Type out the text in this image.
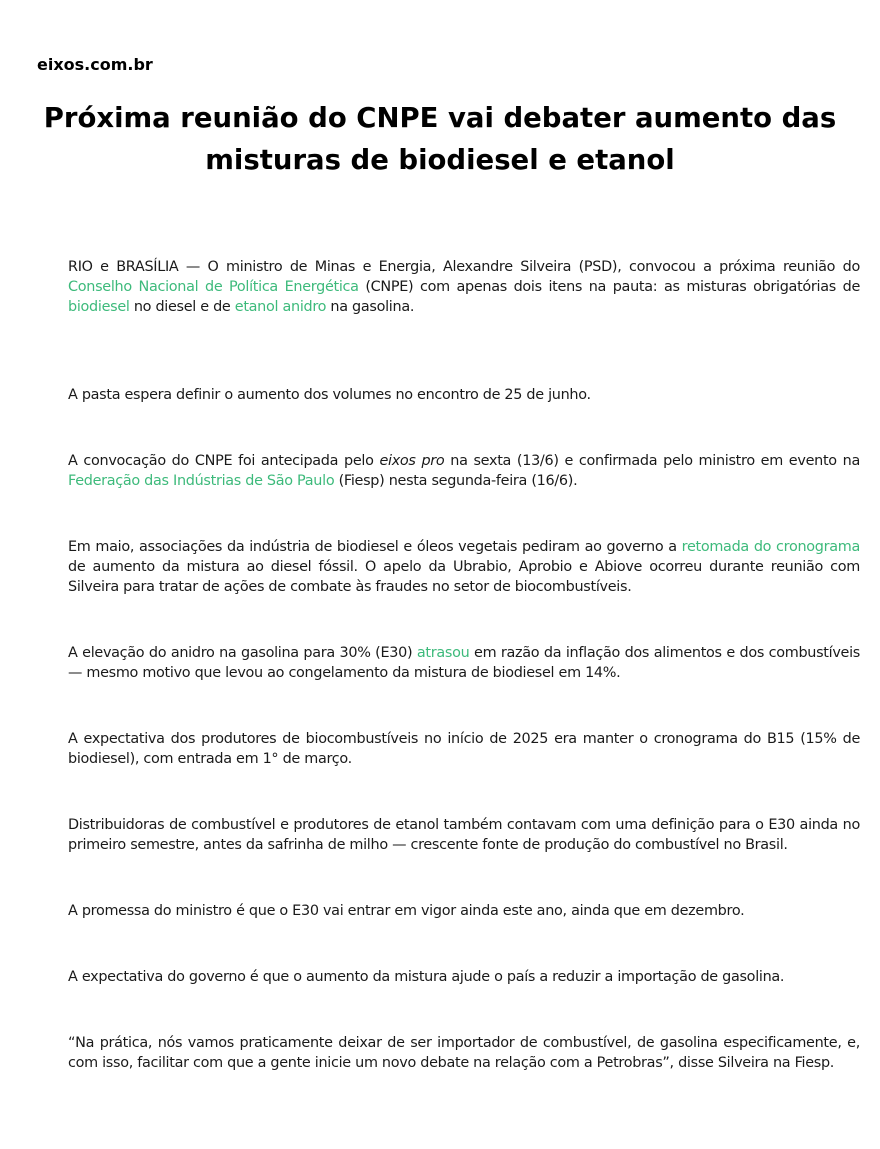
eixos.com.br
Próxima reunião do CNPE vai debater aumento das misturas de biodiesel e etanol

RIO e BRASÍLIA — O ministro de Minas e Energia, Alexandre Silveira (PSD), convocou a próxima reunião do Conselho Nacional de Política Energética (CNPE) com apenas dois itens na pauta: as misturas obrigatórias de biodiesel no diesel e de etanol anidro na gasolina.

A pasta espera definir o aumento dos volumes no encontro de 25 de junho.

A convocação do CNPE foi antecipada pelo eixos pro na sexta (13/6) e confirmada pelo ministro em evento na Federação das Indústrias de São Paulo (Fiesp) nesta segunda-feira (16/6).

Em maio, associações da indústria de biodiesel e óleos vegetais pediram ao governo a retomada do cronograma de aumento da mistura ao diesel fóssil. O apelo da Ubrabio, Aprobio e Abiove ocorreu durante reunião com Silveira para tratar de ações de combate às fraudes no setor de biocombustíveis.

A elevação do anidro na gasolina para 30% (E30) atrasou em razão da inflação dos alimentos e dos combustíveis — mesmo motivo que levou ao congelamento da mistura de biodiesel em 14%.

A expectativa dos produtores de biocombustíveis no início de 2025 era manter o cronograma do B15 (15% de biodiesel), com entrada em 1° de março.

Distribuidoras de combustível e produtores de etanol também contavam com uma definição para o E30 ainda no primeiro semestre, antes da safrinha de milho — crescente fonte de produção do combustível no Brasil.

A promessa do ministro é que o E30 vai entrar em vigor ainda este ano, ainda que em dezembro.

A expectativa do governo é que o aumento da mistura ajude o país a reduzir a importação de gasolina.

“Na prática, nós vamos praticamente deixar de ser importador de combustível, de gasolina especificamente, e, com isso, facilitar com que a gente inicie um novo debate na relação com a Petrobras”, disse Silveira na Fiesp.
